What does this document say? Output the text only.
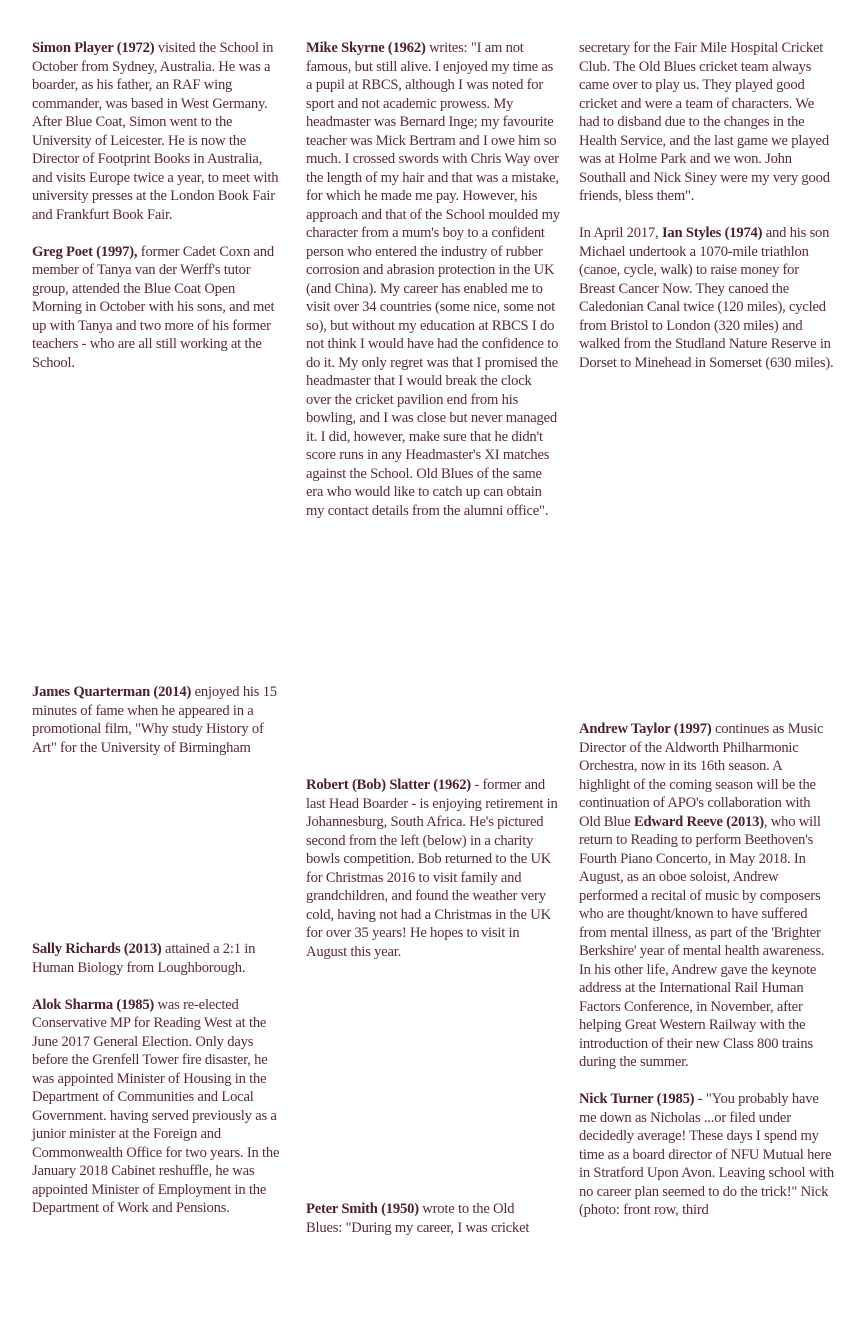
Simon Player (1972) visited the School in October from Sydney, Australia. He was a boarder, as his father, an RAF wing commander, was based in West Germany. After Blue Coat, Simon went to the University of Leicester. He is now the Director of Footprint Books in Australia, and visits Europe twice a year, to meet with university presses at the London Book Fair and Frankfurt Book Fair.

Greg Poet (1997), former Cadet Coxn and member of Tanya van der Werff's tutor group, attended the Blue Coat Open Morning in October with his sons, and met up with Tanya and two more of his former teachers - who are all still working at the School.

Mike Skyrne (1962) writes: "I am not famous, but still alive. I enjoyed my time as a pupil at RBCS, although I was noted for sport and not academic prowess. My headmaster was Bernard Inge; my favourite teacher was Mick Bertram and I owe him so much. I crossed swords with Chris Way over the length of my hair and that was a mistake, for which he made me pay. However, his approach and that of the School moulded my character from a mum's boy to a confident person who entered the industry of rubber corrosion and abrasion protection in the UK (and China). My career has enabled me to visit over 34 countries (some nice, some not so), but without my education at RBCS I do not think I would have had the confidence to do it. My only regret was that I promised the headmaster that I would break the clock over the cricket pavilion end from his bowling, and I was close but never managed it. I did, however, make sure that he didn't score runs in any Headmaster's XI matches against the School. Old Blues of the same era who would like to catch up can obtain my contact details from the alumni office".

secretary for the Fair Mile Hospital Cricket Club. The Old Blues cricket team always came over to play us. They played good cricket and were a team of characters. We had to disband due to the changes in the Health Service, and the last game we played was at Holme Park and we won. John Southall and Nick Siney were my very good friends, bless them".

In April 2017, Ian Styles (1974) and his son Michael undertook a 1070-mile triathlon (canoe, cycle, walk) to raise money for Breast Cancer Now. They canoed the Caledonian Canal twice (120 miles), cycled from Bristol to London (320 miles) and walked from the Studland Nature Reserve in Dorset to Minehead in Somerset (630 miles).

James Quarterman (2014) enjoyed his 15 minutes of fame when he appeared in a promotional film, "Why study History of Art" for the University of Birmingham

Sally Richards (2013) attained a 2:1 in Human Biology from Loughborough.

Alok Sharma (1985) was re-elected Conservative MP for Reading West at the June 2017 General Election. Only days before the Grenfell Tower fire disaster, he was appointed Minister of Housing in the Department of Communities and Local Government. having served previously as a junior minister at the Foreign and Commonwealth Office for two years. In the January 2018 Cabinet reshuffle, he was appointed Minister of Employment in the Department of Work and Pensions.

Robert (Bob) Slatter (1962) - former and last Head Boarder - is enjoying retirement in Johannesburg, South Africa. He's pictured second from the left (below) in a charity bowls competition. Bob returned to the UK for Christmas 2016 to visit family and grandchildren, and found the weather very cold, having not had a Christmas in the UK for over 35 years! He hopes to visit in August this year.

Peter Smith (1950) wrote to the Old Blues: "During my career, I was cricket

Andrew Taylor (1997) continues as Music Director of the Aldworth Philharmonic Orchestra, now in its 16th season. A highlight of the coming season will be the continuation of APO's collaboration with Old Blue Edward Reeve (2013), who will return to Reading to perform Beethoven's Fourth Piano Concerto, in May 2018. In August, as an oboe soloist, Andrew performed a recital of music by composers who are thought/known to have suffered from mental illness, as part of the 'Brighter Berkshire' year of mental health awareness. In his other life, Andrew gave the keynote address at the International Rail Human Factors Conference, in November, after helping Great Western Railway with the introduction of their new Class 800 trains during the summer.

Nick Turner (1985) - "You probably have me down as Nicholas ...or filed under decidedly average! These days I spend my time as a board director of NFU Mutual here in Stratford Upon Avon. Leaving school with no career plan seemed to do the trick!" Nick (photo: front row, third
